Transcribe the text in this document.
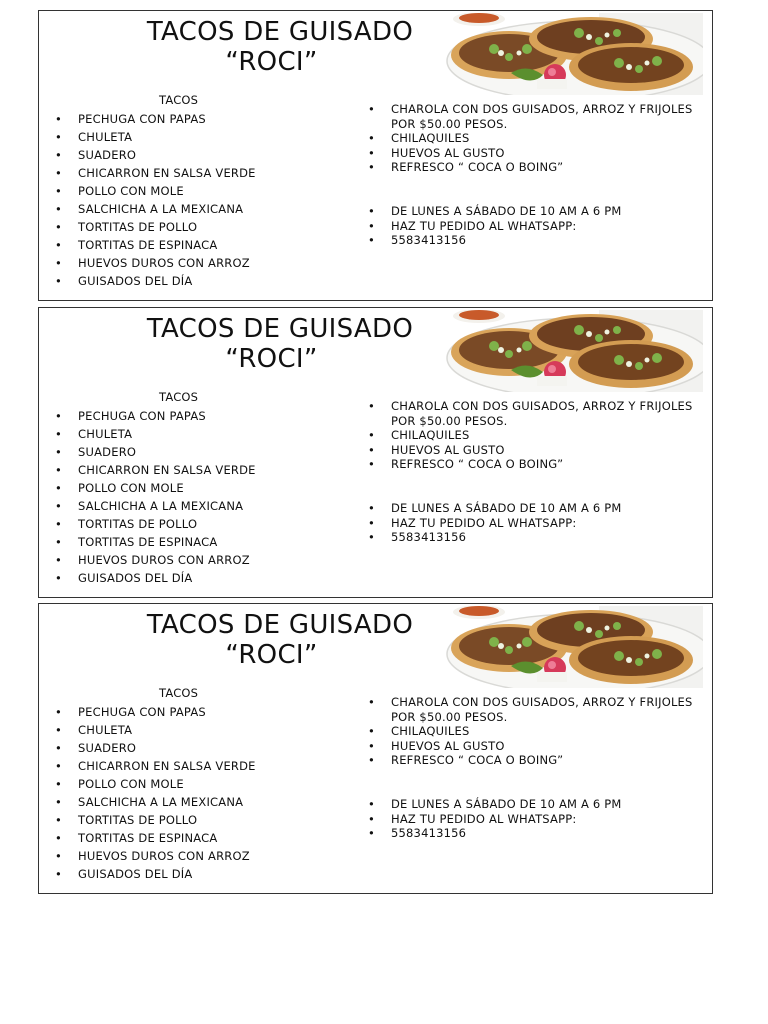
TACOS DE GUISADO
“ROCI”
TACOS
• PECHUGA CON PAPAS
• CHULETA
• SUADERO
• CHICARRON EN SALSA VERDE
• POLLO CON MOLE
• SALCHICHA A LA MEXICANA
• TORTITAS DE POLLO
• TORTITAS DE ESPINACA
• HUEVOS DUROS CON ARROZ
• GUISADOS DEL DÍA
• CHAROLA CON DOS GUISADOS, ARROZ Y FRIJOLES POR $50.00 PESOS.
• CHILAQUILES
• HUEVOS AL GUSTO
• REFRESCO “ COCA O BOING”
• DE LUNES A SÁBADO DE 10 AM A 6 PM
• HAZ TU PEDIDO AL WHATSAPP:
• 5583413156
TACOS DE GUISADO
“ROCI”
TACOS
• PECHUGA CON PAPAS
• CHULETA
• SUADERO
• CHICARRON EN SALSA VERDE
• POLLO CON MOLE
• SALCHICHA A LA MEXICANA
• TORTITAS DE POLLO
• TORTITAS DE ESPINACA
• HUEVOS DUROS CON ARROZ
• GUISADOS DEL DÍA
• CHAROLA CON DOS GUISADOS, ARROZ Y FRIJOLES POR $50.00 PESOS.
• CHILAQUILES
• HUEVOS AL GUSTO
• REFRESCO “ COCA O BOING”
• DE LUNES A SÁBADO DE 10 AM A 6 PM
• HAZ TU PEDIDO AL WHATSAPP:
• 5583413156
TACOS DE GUISADO
“ROCI”
TACOS
• PECHUGA CON PAPAS
• CHULETA
• SUADERO
• CHICARRON EN SALSA VERDE
• POLLO CON MOLE
• SALCHICHA A LA MEXICANA
• TORTITAS DE POLLO
• TORTITAS DE ESPINACA
• HUEVOS DUROS CON ARROZ
• GUISADOS DEL DÍA
• CHAROLA CON DOS GUISADOS, ARROZ Y FRIJOLES POR $50.00 PESOS.
• CHILAQUILES
• HUEVOS AL GUSTO
• REFRESCO “ COCA O BOING”
• DE LUNES A SÁBADO DE 10 AM A 6 PM
• HAZ TU PEDIDO AL WHATSAPP:
• 5583413156
